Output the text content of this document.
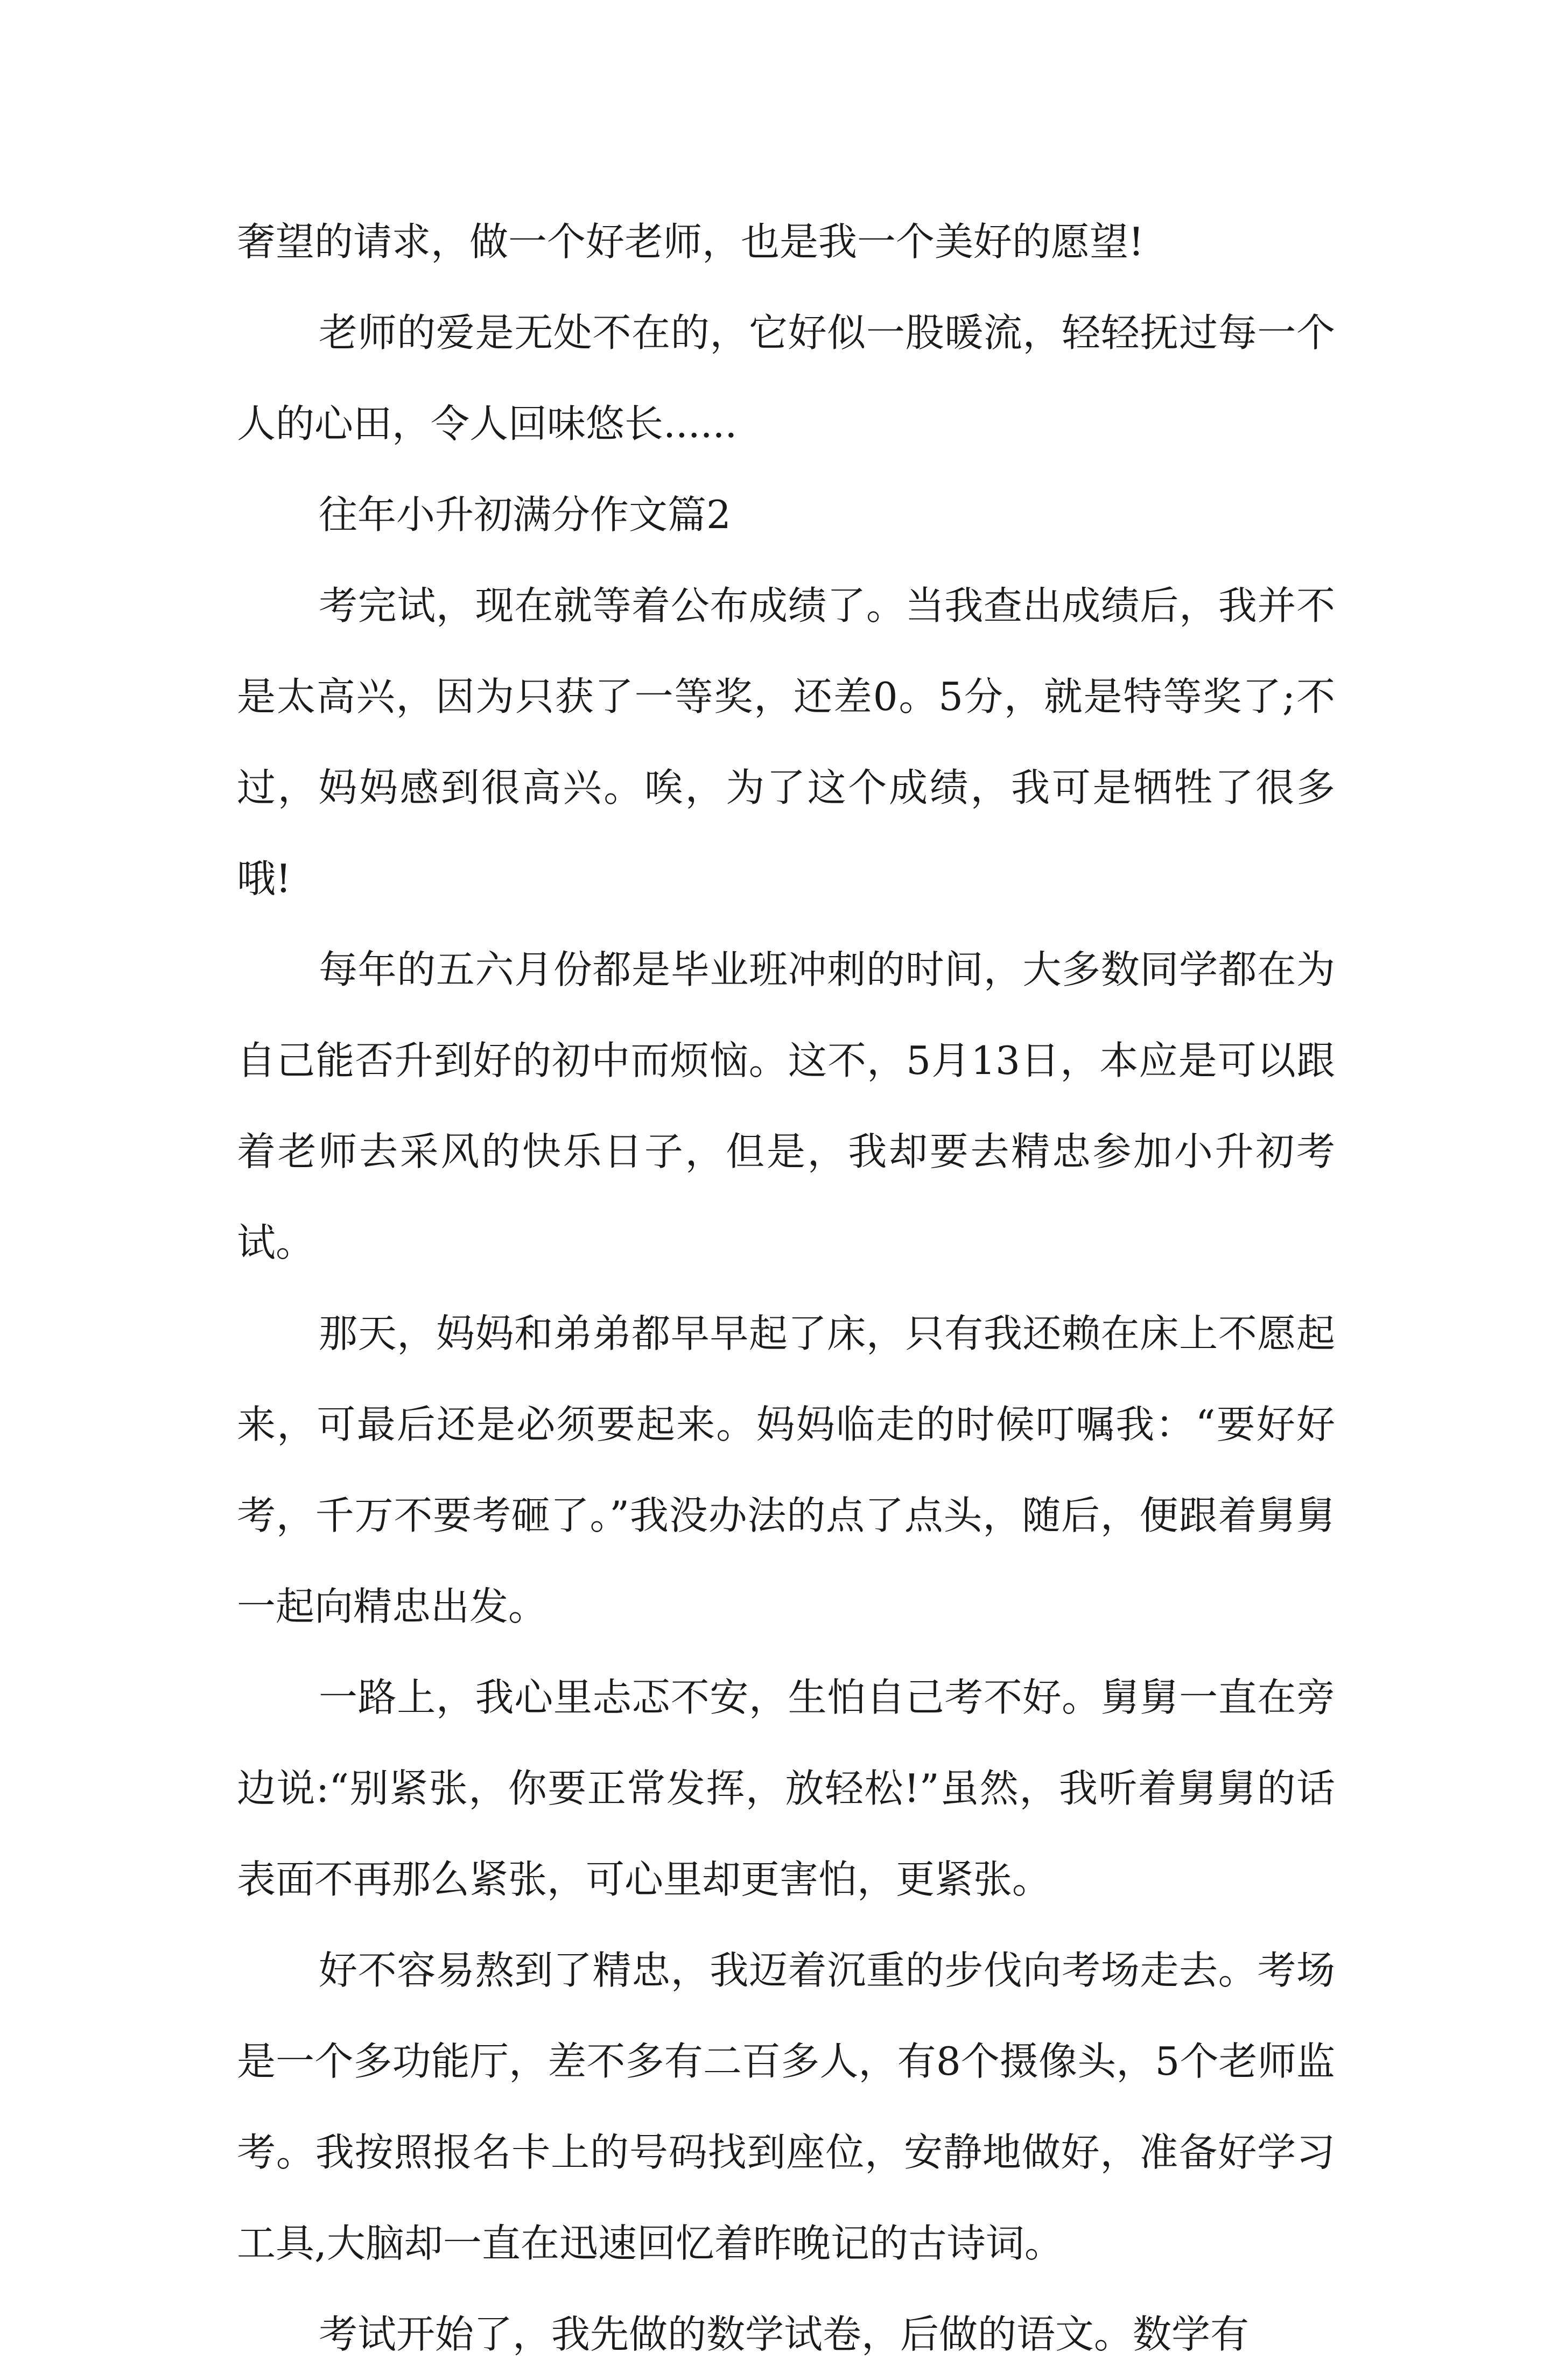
奢望的请求，做一个好老师，也是我一个美好的愿望!

老师的爱是无处不在的，它好似一股暖流，轻轻抚过每一个人的心田，令人回味悠长......

往年小升初满分作文篇2

考完试，现在就等着公布成绩了。当我查出成绩后，我并不是太高兴，因为只获了一等奖，还差0。5分，就是特等奖了;不过，妈妈感到很高兴。唉，为了这个成绩，我可是牺牲了很多哦!

每年的五六月份都是毕业班冲刺的时间，大多数同学都在为自己能否升到好的初中而烦恼。这不，5月13日，本应是可以跟着老师去采风的快乐日子，但是，我却要去精忠参加小升初考试。

那天，妈妈和弟弟都早早起了床，只有我还赖在床上不愿起来，可最后还是必须要起来。妈妈临走的时候叮嘱我：“要好好考，千万不要考砸了。”我没办法的点了点头，随后，便跟着舅舅一起向精忠出发。

一路上，我心里忐忑不安，生怕自己考不好。舅舅一直在旁边说:“别紧张，你要正常发挥，放轻松!”虽然，我听着舅舅的话表面不再那么紧张，可心里却更害怕，更紧张。

好不容易熬到了精忠，我迈着沉重的步伐向考场走去。考场是一个多功能厅，差不多有二百多人，有8个摄像头，5个老师监考。我按照报名卡上的号码找到座位，安静地做好，准备好学习工具,大脑却一直在迅速回忆着昨晚记的古诗词。

考试开始了，我先做的数学试卷，后做的语文。数学有
